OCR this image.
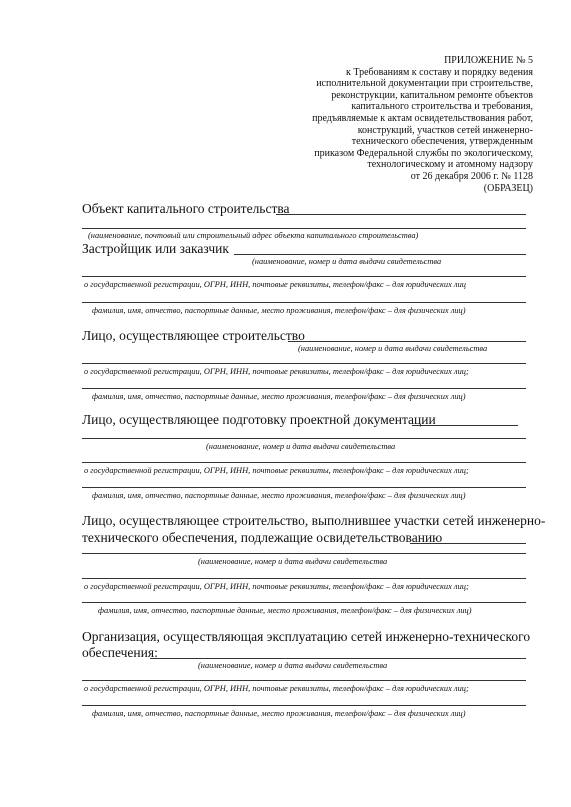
ПРИЛОЖЕНИЕ № 5
к Требованиям к составу и порядку ведения
исполнительной документации при строительстве,
реконструкции, капитальном ремонте объектов
капитального строительства и требования,
предъявляемые к актам освидетельствования работ,
конструкций, участков сетей инженерно-
технического обеспечения, утвержденным
приказом Федеральной службы по экологическому,
технологическому и атомному надзору
от 26 декабря 2006 г. № 1128
(ОБРАЗЕЦ)
Объект капитального строительства
(наименование, почтовый или строительный адрес объекта капитального строительства)
Застройщик или заказчик
(наименование, номер и дата выдачи свидетельства
о государственной регистрации, ОГРН, ИНН, почтовые реквизиты, телефон/факс – для юридических лиц
фамилия, имя, отчество, паспортные данные, место проживания, телефон/факс – для физических лиц)
Лицо, осуществляющее строительство
(наименование, номер и дата выдачи свидетельства
о государственной регистрации, ОГРН, ИНН, почтовые реквизиты, телефон/факс – для юридических лиц;
фамилия, имя, отчество, паспортные данные, место проживания, телефон/факс – для физических лиц)
Лицо, осуществляющее подготовку проектной документации
(наименование, номер и дата выдачи свидетельства
о государственной регистрации, ОГРН, ИНН, почтовые реквизиты, телефон/факс – для юридических лиц;
фамилия, имя, отчество, паспортные данные, место проживания, телефон/факс – для физических лиц)
Лицо, осуществляющее строительство, выполнившее участки сетей инженерно-
технического обеспечения, подлежащие освидетельствованию
(наименование, номер и дата выдачи свидетельства
о государственной регистрации, ОГРН, ИНН, почтовые реквизиты, телефон/факс – для юридических лиц;
фамилия, имя, отчество, паспортные данные, место проживания, телефон/факс – для физических лиц)
Организация, осуществляющая эксплуатацию сетей инженерно-технического
обеспечения:
(наименование, номер и дата выдачи свидетельства
о государственной регистрации, ОГРН, ИНН, почтовые реквизиты, телефон/факс – для юридических лиц;
фамилия, имя, отчество, паспортные данные, место проживания, телефон/факс – для физических лиц)
